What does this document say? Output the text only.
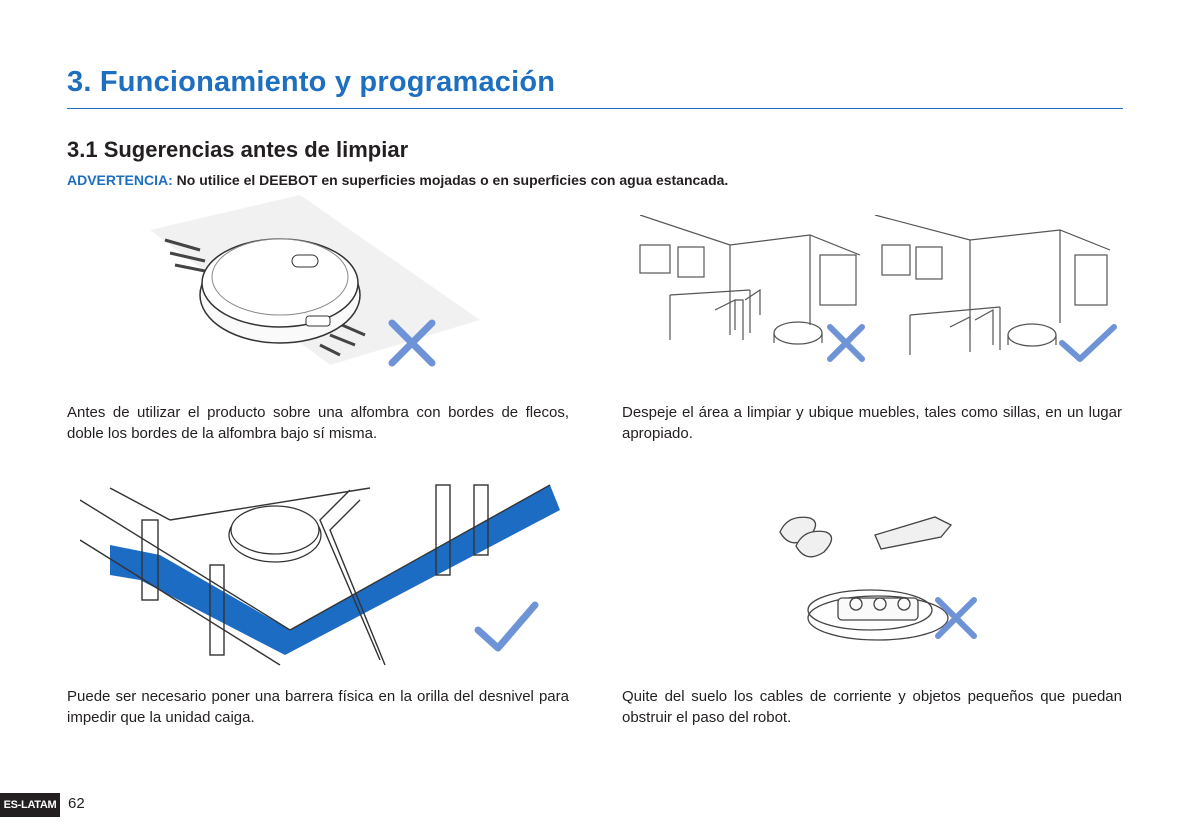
3. Funcionamiento y programación
3.1 Sugerencias antes de limpiar
ADVERTENCIA: No utilice el DEEBOT en superficies mojadas o en superficies con agua estancada.
Antes de utilizar el producto sobre una alfombra con bordes de flecos, doble los bordes de la alfombra bajo sí misma.
Despeje el área a limpiar y ubique muebles, tales como sillas, en un lugar apropiado.
Puede ser necesario poner una barrera física en la orilla del desnivel para impedir que la unidad caiga.
Quite del suelo los cables de corriente y objetos pequeños que puedan obstruir el paso del robot.
ES-LATAM 62
